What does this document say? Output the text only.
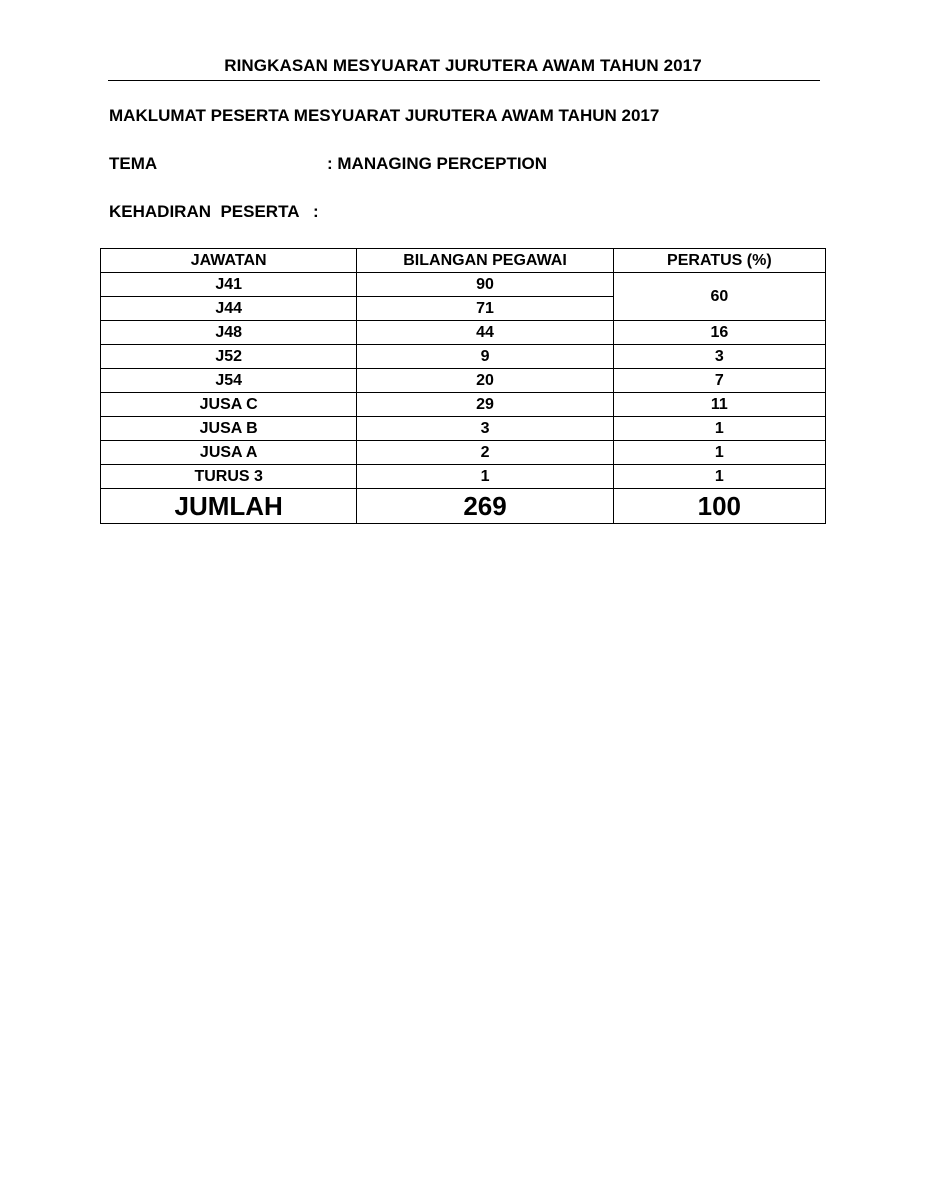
RINGKASAN MESYUARAT JURUTERA AWAM TAHUN 2017
MAKLUMAT PESERTA MESYUARAT JURUTERA AWAM TAHUN 2017
TEMA	: MANAGING PERCEPTION
KEHADIRAN  PESERTA   :
JAWATAN	BILANGAN PEGAWAI	PERATUS (%)
J41	90	60
J44	71	
J48	44	16
J52	9	3
J54	20	7
JUSA C	29	11
JUSA B	3	1
JUSA A	2	1
TURUS 3	1	1
JUMLAH	269	100
